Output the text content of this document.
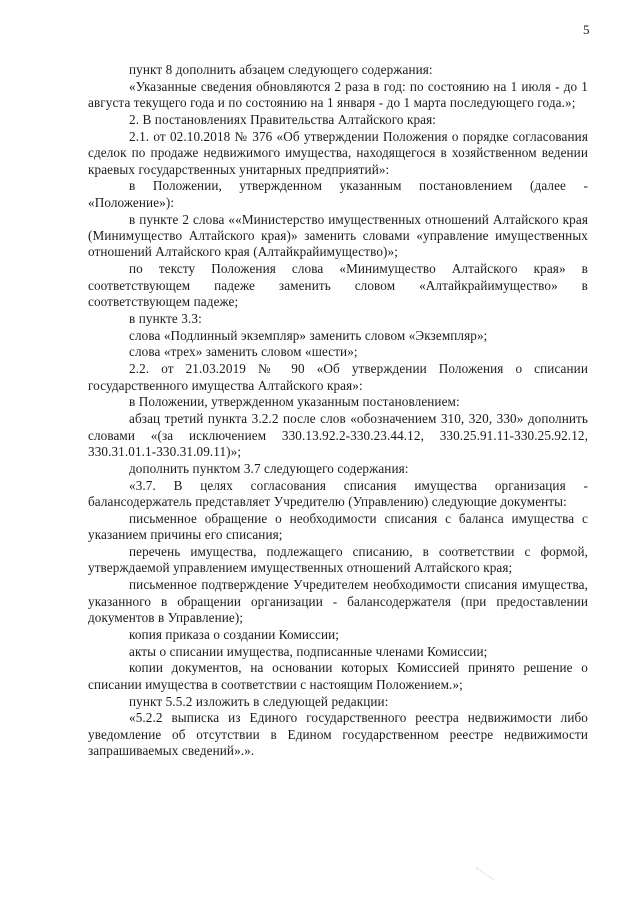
5

пункт 8 дополнить абзацем следующего содержания:

«Указанные сведения обновляются 2 раза в год: по состоянию на 1 июля - до 1 августа текущего года и по состоянию на 1 января - до 1 марта последующего года.»;

2. В постановлениях Правительства Алтайского края:

2.1. от 02.10.2018 № 376 «Об утверждении Положения о порядке согласования сделок по продаже недвижимого имущества, находящегося в хозяйственном ведении краевых государственных унитарных предприятий»:

в Положении, утвержденном указанным постановлением (далее - «Положение»):

в пункте 2 слова ««Министерство имущественных отношений Алтайского края (Минимущество Алтайского края)» заменить словами «управление имущественных отношений Алтайского края (Алтайкрайимущество)»;

по тексту Положения слова «Минимущество Алтайского края» в соответствующем падеже заменить словом «Алтайкрайимущество» в соответствующем падеже;

в пункте 3.3:

слова «Подлинный экземпляр» заменить словом «Экземпляр»;

слова «трех» заменить словом «шести»;

2.2. от 21.03.2019 № 90 «Об утверждении Положения о списании государственного имущества Алтайского края»:

в Положении, утвержденном указанным постановлением:

абзац третий пункта 3.2.2 после слов «обозначением 310, 320, 330» дополнить словами «(за исключением 330.13.92.2-330.23.44.12, 330.25.91.11-330.25.92.12, 330.31.01.1-330.31.09.11)»;

дополнить пунктом 3.7 следующего содержания:

«3.7. В целях согласования списания имущества организация - балансодержатель представляет Учредителю (Управлению) следующие документы:

письменное обращение о необходимости списания с баланса имущества с указанием причины его списания;

перечень имущества, подлежащего списанию, в соответствии с формой, утверждаемой управлением имущественных отношений Алтайского края;

письменное подтверждение Учредителем необходимости списания имущества, указанного в обращении организации - балансодержателя (при предоставлении документов в Управление);

копия приказа о создании Комиссии;

акты о списании имущества, подписанные членами Комиссии;

копии документов, на основании которых Комиссией принято решение о списании имущества в соответствии с настоящим Положением.»;

пункт 5.5.2 изложить в следующей редакции:

«5.2.2 выписка из Единого государственного реестра недвижимости либо уведомление об отсутствии в Едином государственном реестре недвижимости запрашиваемых сведений».».
